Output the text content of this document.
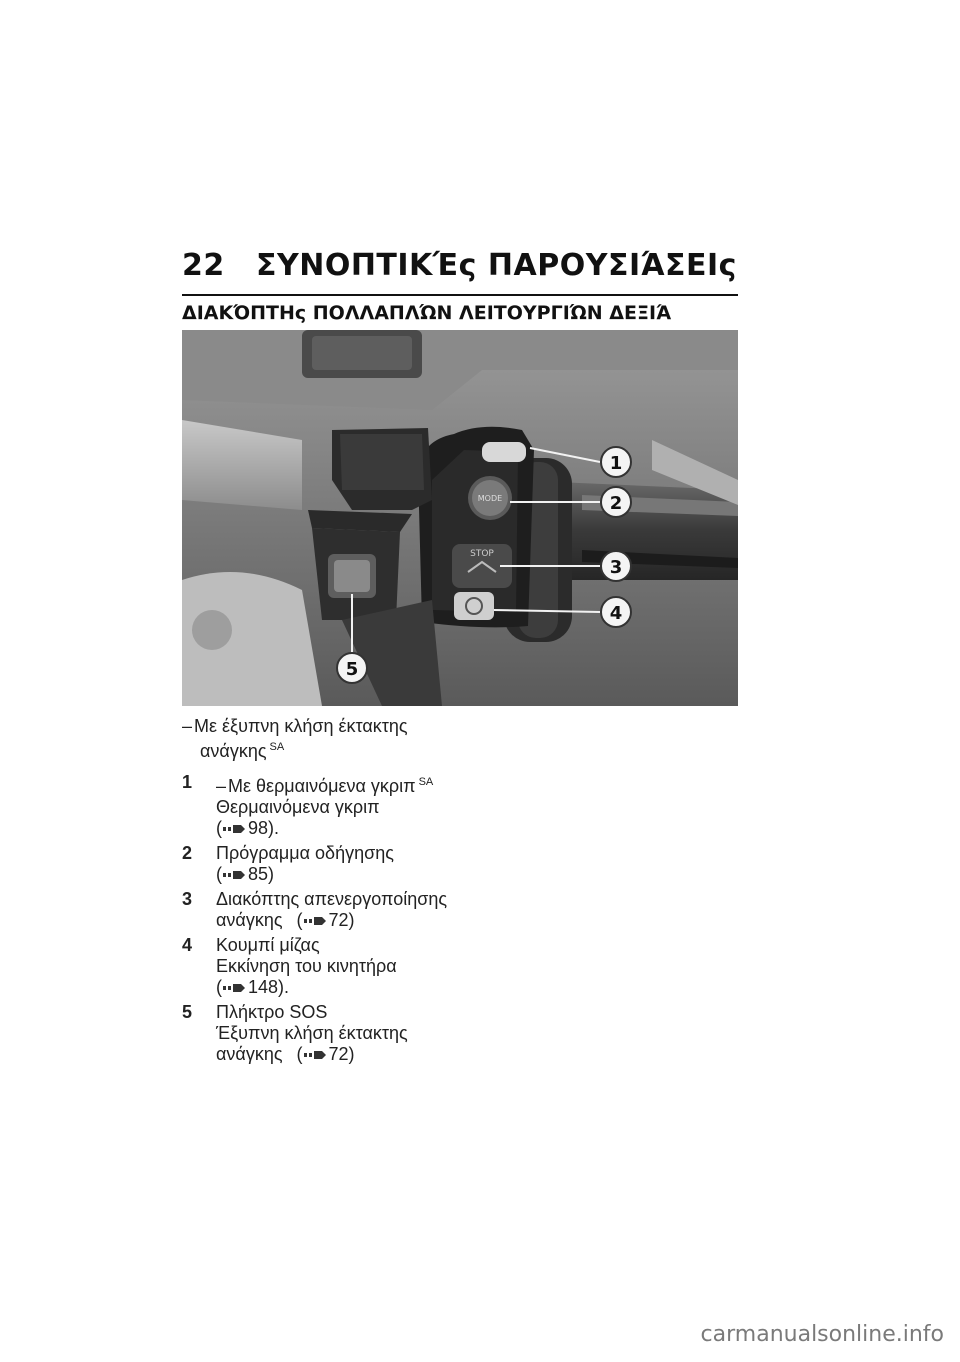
22 ΣΥΝΟΠΤΙΚΈς ΠΑΡΟΥΣΙΆΣΕΙς
ΔΙΑΚΌΠΤΗς ΠΟΛΛΑΠΛΏΝ ΛΕΙΤΟΥΡΓΙΏΝ ΔΕΞΙΆ
MODE
STOP
1
2
3
4
5
– Με έξυπνη κλήση έκτακτης
ανάγκης $^{SA}$
1	– Με θερμαινόμενα γκριπ $^{SA}$
Θερμαινόμενα γκριπ
( 98).
2	Πρόγραμμα οδήγησης
( 85)
3	Διακόπτης απενεργοποίησης
ανάγκης ( 72)
4	Κουμπί μίζας
Εκκίνηση του κινητήρα
( 148).
5	Πλήκτρο SOS
Έξυπνη κλήση έκτακτης
ανάγκης ( 72)
carmanualsonline.info
